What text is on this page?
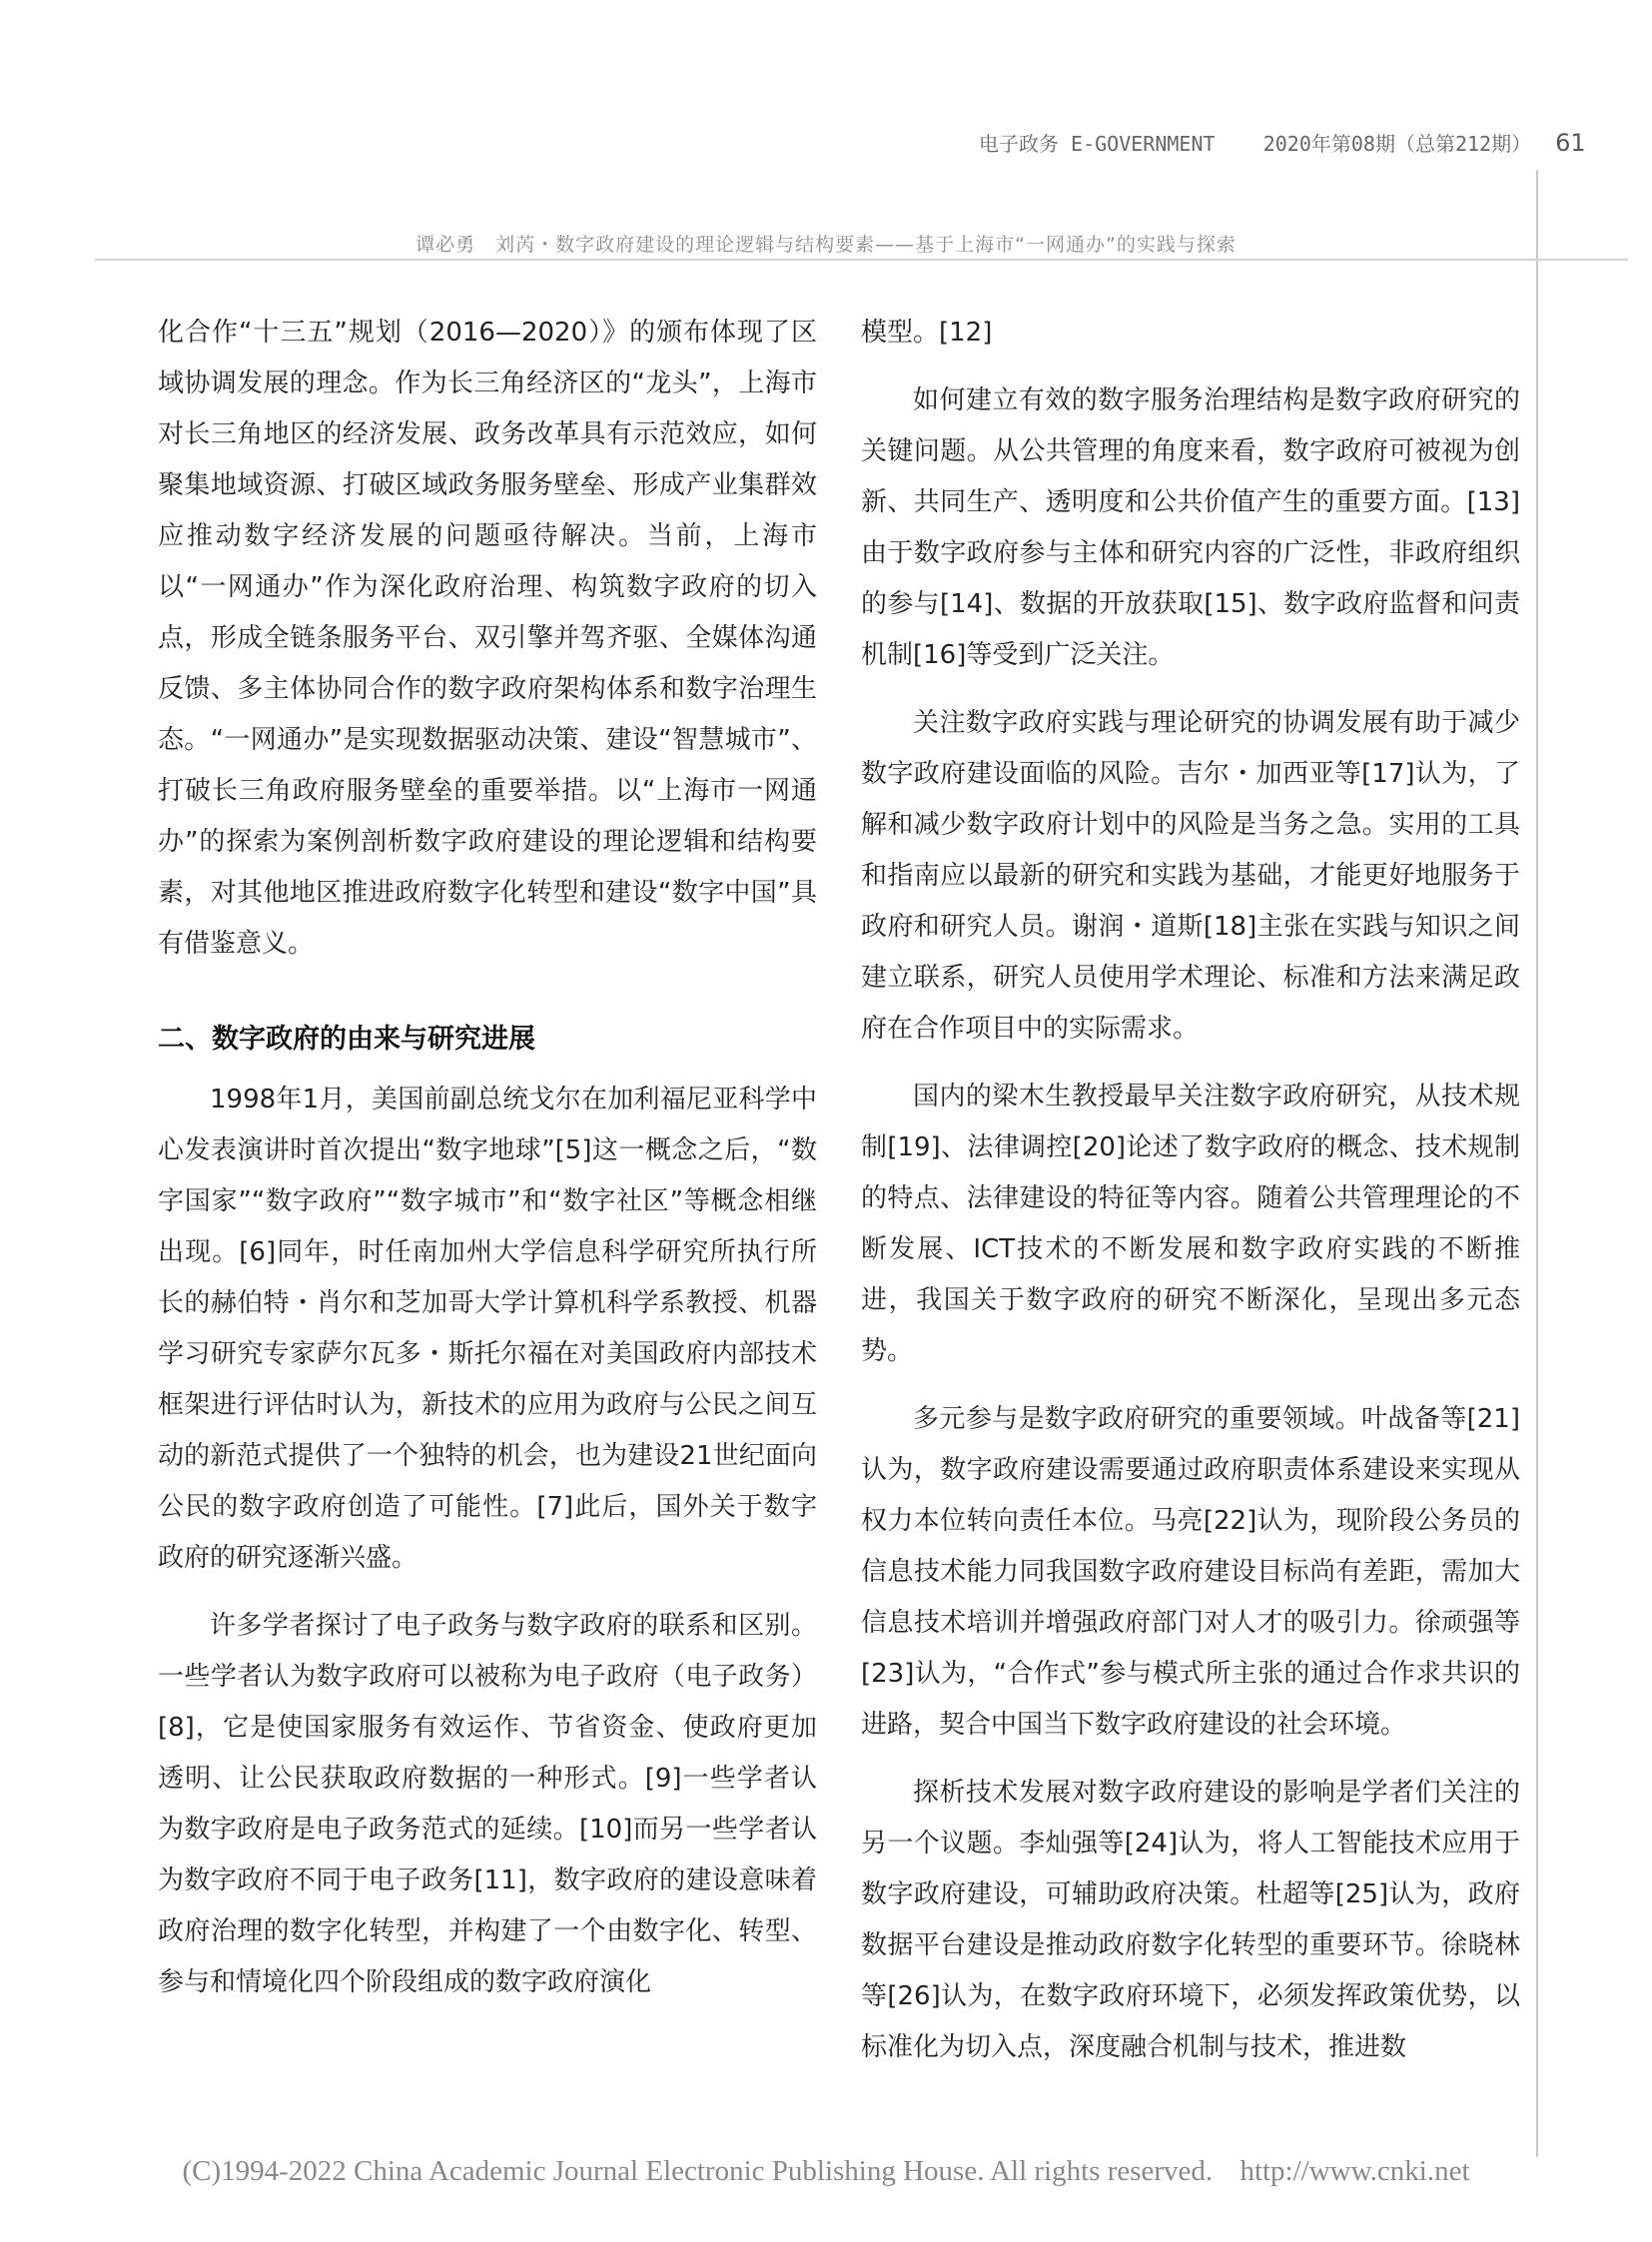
电子政务 E-GOVERNMENT 2020年第08期（总第212期） 61
谭必勇　刘芮・数字政府建设的理论逻辑与结构要素——基于上海市“一网通办”的实践与探索

化合作“十三五”规划（2016—2020）》的颁布体现了区域协调发展的理念。作为长三角经济区的“龙头”，上海市对长三角地区的经济发展、政务改革具有示范效应，如何聚集地域资源、打破区域政务服务壁垒、形成产业集群效应推动数字经济发展的问题亟待解决。当前，上海市以“一网通办”作为深化政府治理、构筑数字政府的切入点，形成全链条服务平台、双引擎并驾齐驱、全媒体沟通反馈、多主体协同合作的数字政府架构体系和数字治理生态。“一网通办”是实现数据驱动决策、建设“智慧城市”、打破长三角政府服务壁垒的重要举措。以“上海市一网通办”的探索为案例剖析数字政府建设的理论逻辑和结构要素，对其他地区推进政府数字化转型和建设“数字中国”具有借鉴意义。

二、数字政府的由来与研究进展

1998年1月，美国前副总统戈尔在加利福尼亚科学中心发表演讲时首次提出“数字地球”[5]这一概念之后，“数字国家”“数字政府”“数字城市”和“数字社区”等概念相继出现。[6]同年，时任南加州大学信息科学研究所执行所长的赫伯特・肖尔和芝加哥大学计算机科学系教授、机器学习研究专家萨尔瓦多・斯托尔福在对美国政府内部技术框架进行评估时认为，新技术的应用为政府与公民之间互动的新范式提供了一个独特的机会，也为建设21世纪面向公民的数字政府创造了可能性。[7]此后，国外关于数字政府的研究逐渐兴盛。

许多学者探讨了电子政务与数字政府的联系和区别。一些学者认为数字政府可以被称为电子政府（电子政务）[8]，它是使国家服务有效运作、节省资金、使政府更加透明、让公民获取政府数据的一种形式。[9]一些学者认为数字政府是电子政务范式的延续。[10]而另一些学者认为数字政府不同于电子政务[11]，数字政府的建设意味着政府治理的数字化转型，并构建了一个由数字化、转型、参与和情境化四个阶段组成的数字政府演化

模型。[12]

如何建立有效的数字服务治理结构是数字政府研究的关键问题。从公共管理的角度来看，数字政府可被视为创新、共同生产、透明度和公共价值产生的重要方面。[13]由于数字政府参与主体和研究内容的广泛性，非政府组织的参与[14]、数据的开放获取[15]、数字政府监督和问责机制[16]等受到广泛关注。

关注数字政府实践与理论研究的协调发展有助于减少数字政府建设面临的风险。吉尔・加西亚等[17]认为，了解和减少数字政府计划中的风险是当务之急。实用的工具和指南应以最新的研究和实践为基础，才能更好地服务于政府和研究人员。谢润・道斯[18]主张在实践与知识之间建立联系，研究人员使用学术理论、标准和方法来满足政府在合作项目中的实际需求。

国内的梁木生教授最早关注数字政府研究，从技术规制[19]、法律调控[20]论述了数字政府的概念、技术规制的特点、法律建设的特征等内容。随着公共管理理论的不断发展、ICT技术的不断发展和数字政府实践的不断推进，我国关于数字政府的研究不断深化，呈现出多元态势。

多元参与是数字政府研究的重要领域。叶战备等[21]认为，数字政府建设需要通过政府职责体系建设来实现从权力本位转向责任本位。马亮[22]认为，现阶段公务员的信息技术能力同我国数字政府建设目标尚有差距，需加大信息技术培训并增强政府部门对人才的吸引力。徐顽强等[23]认为，“合作式”参与模式所主张的通过合作求共识的进路，契合中国当下数字政府建设的社会环境。

探析技术发展对数字政府建设的影响是学者们关注的另一个议题。李灿强等[24]认为，将人工智能技术应用于数字政府建设，可辅助政府决策。杜超等[25]认为，政府数据平台建设是推动政府数字化转型的重要环节。徐晓林等[26]认为，在数字政府环境下，必须发挥政策优势，以标准化为切入点，深度融合机制与技术，推进数

(C)1994-2022 China Academic Journal Electronic Publishing House. All rights reserved. http://www.cnki.net
